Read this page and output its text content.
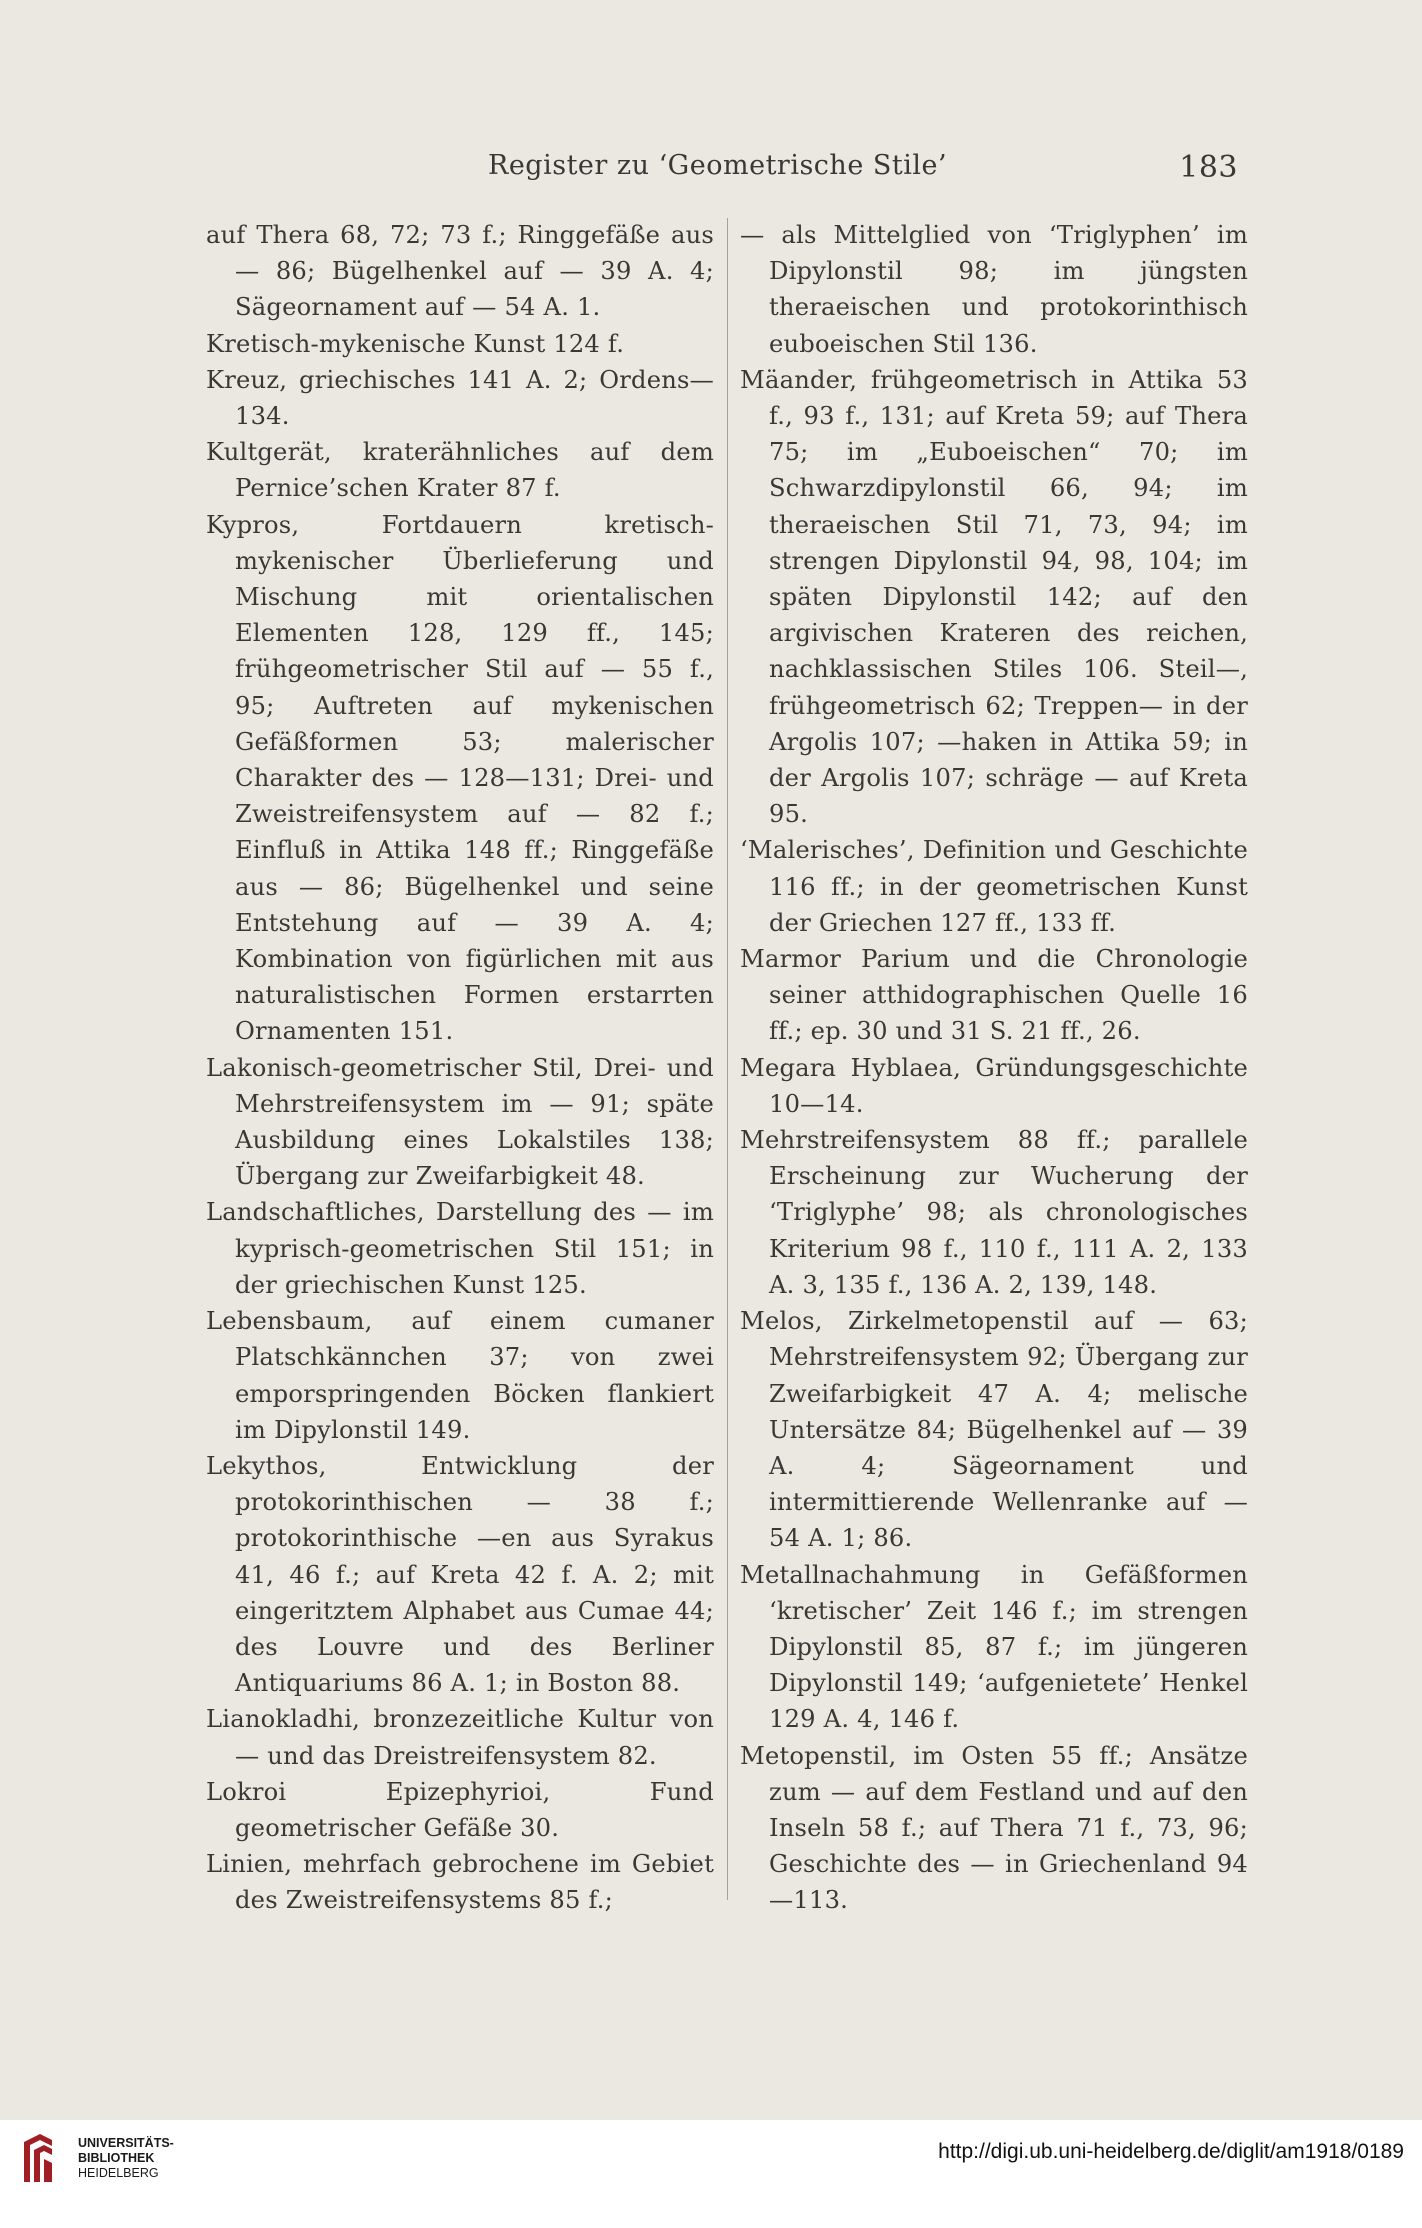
Register zu ‘Geometrische Stile’	183
auf Thera 68, 72; 73 f.; Ringgefäße aus — 86; Bügelhenkel auf — 39 A. 4; Sägeornament auf — 54 A. 1.
Kretisch-mykenische Kunst 124 f.
Kreuz, griechisches 141 A. 2; Ordens— 134.
Kultgerät, kraterähnliches auf dem Pernice’schen Krater 87 f.
Kypros, Fortdauern kretisch-mykenischer Überlieferung und Mischung mit orientalischen Elementen 128, 129 ff., 145; frühgeometrischer Stil auf — 55 f., 95; Auftreten auf mykenischen Gefäßformen 53; malerischer Charakter des — 128—131; Drei- und Zweistreifensystem auf — 82 f.; Einfluß in Attika 148 ff.; Ringgefäße aus — 86; Bügelhenkel und seine Entstehung auf — 39 A. 4; Kombination von figürlichen mit aus naturalistischen Formen erstarrten Ornamenten 151.
Lakonisch-geometrischer Stil, Drei- und Mehrstreifensystem im — 91; späte Ausbildung eines Lokalstiles 138; Übergang zur Zweifarbigkeit 48.
Landschaftliches, Darstellung des — im kyprisch-geometrischen Stil 151; in der griechischen Kunst 125.
Lebensbaum, auf einem cumaner Platschkännchen 37; von zwei emporspringenden Böcken flankiert im Dipylonstil 149.
Lekythos, Entwicklung der protokorinthischen — 38 f.; protokorinthische —en aus Syrakus 41, 46 f.; auf Kreta 42 f. A. 2; mit eingeritztem Alphabet aus Cumae 44; des Louvre und des Berliner Antiquariums 86 A. 1; in Boston 88.
Lianokladhi, bronzezeitliche Kultur von — und das Dreistreifensystem 82.
Lokroi Epizephyrioi, Fund geometrischer Gefäße 30.
Linien, mehrfach gebrochene im Gebiet des Zweistreifensystems 85 f.;
— als Mittelglied von ‘Triglyphen’ im Dipylonstil 98; im jüngsten theraeischen und protokorinthisch euboeischen Stil 136.
Mäander, frühgeometrisch in Attika 53 f., 93 f., 131; auf Kreta 59; auf Thera 75; im „Euboeischen“ 70; im Schwarzdipylonstil 66, 94; im theraeischen Stil 71, 73, 94; im strengen Dipylonstil 94, 98, 104; im späten Dipylonstil 142; auf den argivischen Krateren des reichen, nachklassischen Stiles 106. Steil—, frühgeometrisch 62; Treppen— in der Argolis 107; —haken in Attika 59; in der Argolis 107; schräge — auf Kreta 95.
‘Malerisches’, Definition und Geschichte 116 ff.; in der geometrischen Kunst der Griechen 127 ff., 133 ff.
Marmor Parium und die Chronologie seiner atthidographischen Quelle 16 ff.; ep. 30 und 31 S. 21 ff., 26.
Megara Hyblaea, Gründungsgeschichte 10—14.
Mehrstreifensystem 88 ff.; parallele Erscheinung zur Wucherung der ‘Triglyphe’ 98; als chronologisches Kriterium 98 f., 110 f., 111 A. 2, 133 A. 3, 135 f., 136 A. 2, 139, 148.
Melos, Zirkelmetopenstil auf — 63; Mehrstreifensystem 92; Übergang zur Zweifarbigkeit 47 A. 4; melische Untersätze 84; Bügelhenkel auf — 39 A. 4; Sägeornament und intermittierende Wellenranke auf — 54 A. 1; 86.
Metallnachahmung in Gefäßformen ‘kretischer’ Zeit 146 f.; im strengen Dipylonstil 85, 87 f.; im jüngeren Dipylonstil 149; ‘aufgenietete’ Henkel 129 A. 4, 146 f.
Metopenstil, im Osten 55 ff.; Ansätze zum — auf dem Festland und auf den Inseln 58 f.; auf Thera 71 f., 73, 96; Geschichte des — in Griechenland 94—113.
UNIVERSITÄTS-
BIBLIOTHEK
HEIDELBERG
http://digi.ub.uni-heidelberg.de/diglit/am1918/0189
